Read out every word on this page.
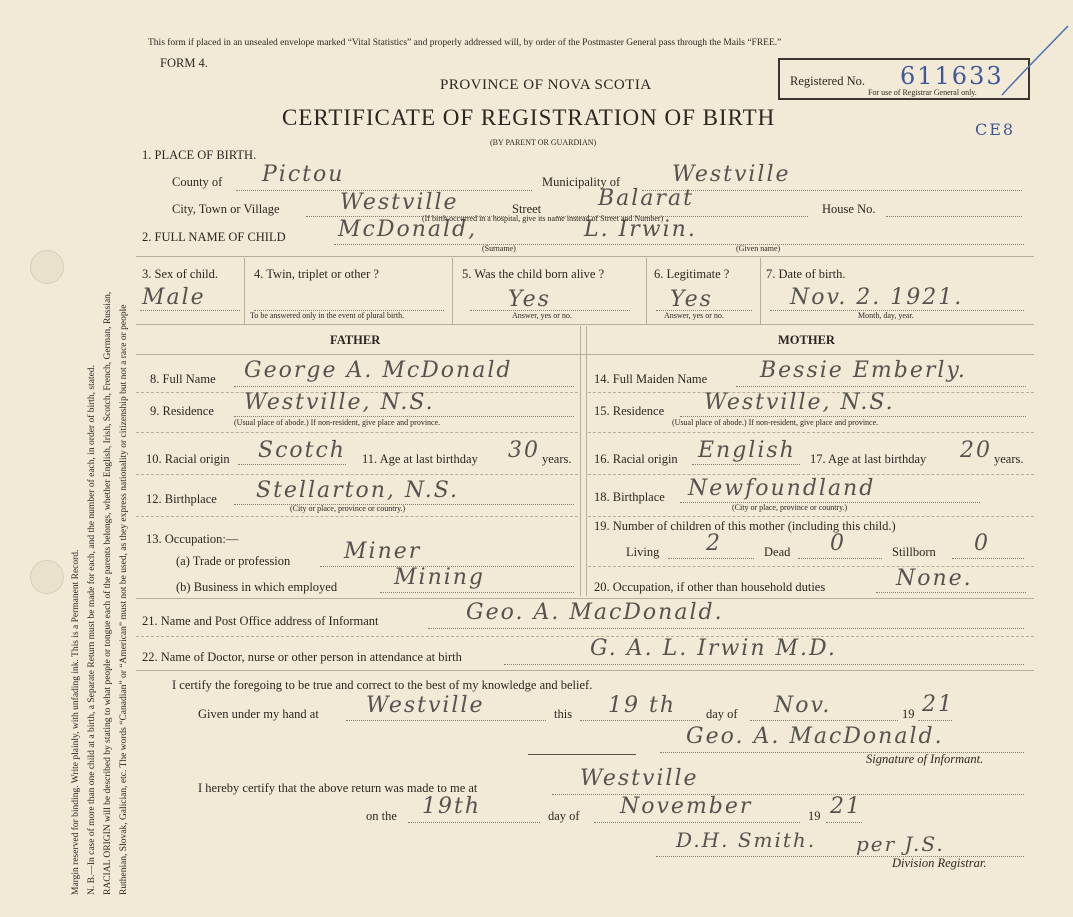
Margin reserved for binding. Write plainly, with unfading ink. This is a Permanent Record. N. B.—In case of more than one child at a birth, a Separate Return must be made for each, and the number of each, in order of birth, stated. RACIAL ORIGIN will be described by stating to what people or tongue each of the parents belongs, whether English, Irish, Scotch, French, German, Russian, Ruthenian, Slovak, Galician, etc. The words “Canadian” or “American” must not be used, as they express nationality or citizenship but not a race or people
This form if placed in an unsealed envelope marked “Vital Statistics” and properly addressed will, by order of the Postmaster General pass through the Mails “FREE.”
FORM 4.
PROVINCE OF NOVA SCOTIA
CERTIFICATE OF REGISTRATION OF BIRTH
(BY PARENT OR GUARDIAN)
Registered No. 611633
For use of Registrar General only.
CE8
1. PLACE OF BIRTH.
County of Pictou	Municipality of Westville
City, Town or Village	Westville	Street	Balarat	House No.
(If birth occurred in a hospital, give its name instead of Street and Number)
2. FULL NAME OF CHILD McDonald,	L. Irwin.
(Surname)	(Given name)
3. Sex of child.
Male
4. Twin, triplet or other ?
To be answered only in the event of plural birth.
5. Was the child born alive ?
Yes
Answer, yes or no.
6. Legitimate ?
Yes
Answer, yes or no.
7. Date of birth.
Nov. 2. 1921.
Month, day, year.
FATHER	MOTHER
8. Full Name George A. McDonald
9. Residence Westville, N.S.
(Usual place of abode.) If non-resident, give place and province.
10. Racial origin Scotch 11. Age at last birthday 30 years.
12. Birthplace Stellarton, N.S.
(City or place, province or country.)
13. Occupation:—
(a) Trade or profession Miner
(b) Business in which employed	Mining
14. Full Maiden Name Bessie Emberly.
15. Residence Westville, N.S.
(Usual place of abode.) If non-resident, give place and province.
16. Racial origin English 17. Age at last birthday 20 years.
18. Birthplace Newfoundland
(City or place, province or country.)
19. Number of children of this mother (including this child.)
Living 2	Dead 0	Stillborn 0
20. Occupation, if other than household duties	None.
21. Name and Post Office address of Informant	Geo. A. MacDonald.
22. Name of Doctor, nurse or other person in attendance at birth	G. A. L. Irwin M.D.
I certify the foregoing to be true and correct to the best of my knowledge and belief.
Given under my hand at Westville	this 19 th day of Nov.	19 21
Geo. A. MacDonald.
Signature of Informant.
I hereby certify that the above return was made to me at	Westville
on the 19th	day of November	19 21
D.H. Smith. per J.S.
Division Registrar.
